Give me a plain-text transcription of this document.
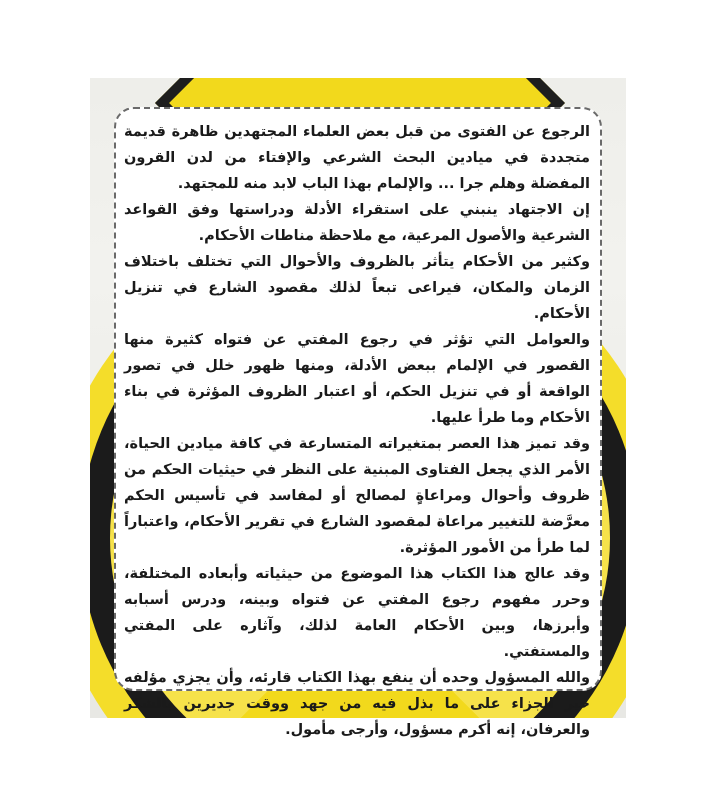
الرجوع عن الفتوى من قبل بعض العلماء المجتهدين ظاهرة قديمة متجددة في ميادين البحث الشرعي والإفتاء من لدن القرون المفضلة وهلم جرا ... والإلمام بهذا الباب لابد منه للمجتهد.

إن الاجتهاد ينبني على استقراء الأدلة ودراستها وفق القواعد الشرعية والأصول المرعية، مع ملاحظة مناطات الأحكام.

وكثير من الأحكام يتأثر بالظروف والأحوال التي تختلف باختلاف الزمان والمكان، فيراعى تبعاً لذلك مقصود الشارع في تنزيل الأحكام.

والعوامل التي تؤثر في رجوع المفتي عن فتواه كثيرة منها القصور في الإلمام ببعض الأدلة، ومنها ظهور خلل في تصور الواقعة أو في تنزيل الحكم، أو اعتبار الظروف المؤثرة في بناء الأحكام وما طرأ عليها.

وقد تميز هذا العصر بمتغيراته المتسارعة في كافة ميادين الحياة، الأمر الذي يجعل الفتاوى المبنية على النظر في حيثيات الحكم من ظروف وأحوال ومراعاةٍ لمصالح أو لمفاسد في تأسيس الحكم معرَّضة للتغيير مراعاة لمقصود الشارع في تقرير الأحكام، واعتباراً لما طرأ من الأمور المؤثرة.

وقد عالج هذا الكتاب هذا الموضوع من حيثياته وأبعاده المختلفة، وحرر مفهوم رجوع المفتي عن فتواه وبينه، ودرس أسبابه وأبرزها، وبين الأحكام العامة لذلك، وآثاره على المفتي والمستفتي.

والله المسؤول وحده أن ينفع بهذا الكتاب قارئه، وأن يجزي مؤلفه خير الجزاء على ما بذل فيه من جهد ووقت جديرين بالشكر والعرفان، إنه أكرم مسؤول، وأرجى مأمول.
